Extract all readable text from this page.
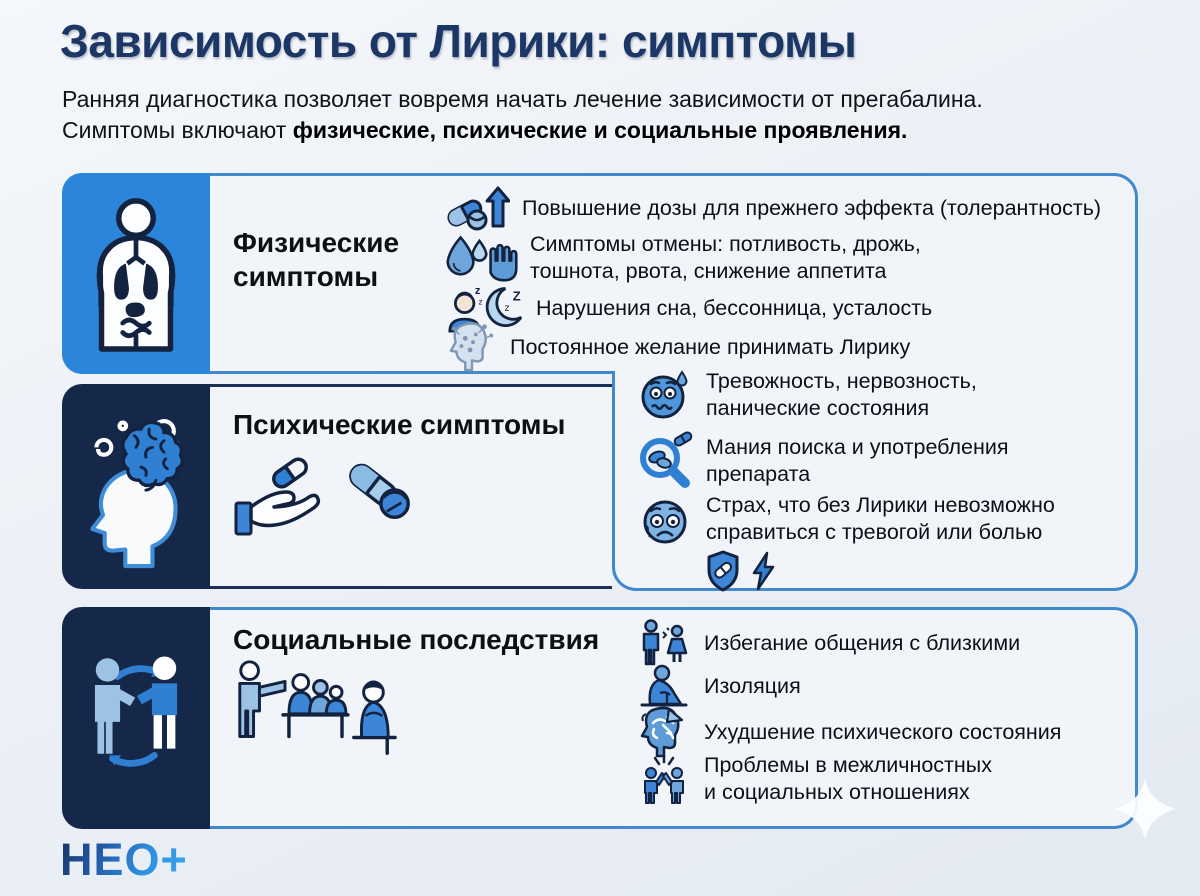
Зависимость от Лирики: симптомы
Ранняя диагностика позволяет вовремя начать лечение зависимости от прегабалина.
Симптомы включают физические, психические и социальные проявления.
Физические
симптомы
Повышение дозы для прежнего эффекта (толерантность)
Симптомы отмены: потливость, дрожь,
тошнота, рвота, снижение аппетита
z
z
z
Z Нарушения сна, бессонница, усталость
Постоянное желание принимать Лирику
Тревожность, нервозность,
панические состояния
Мания поиска и употребления
препарата
Страх, что без Лирики невозможно
справиться с тревогой или болью
Психические симптомы
Социальные последствия	Избегание общения с близкими
Изоляция
Ухудшение психического состояния
Проблемы в межличностных
и социальных отношениях
НЕО+
